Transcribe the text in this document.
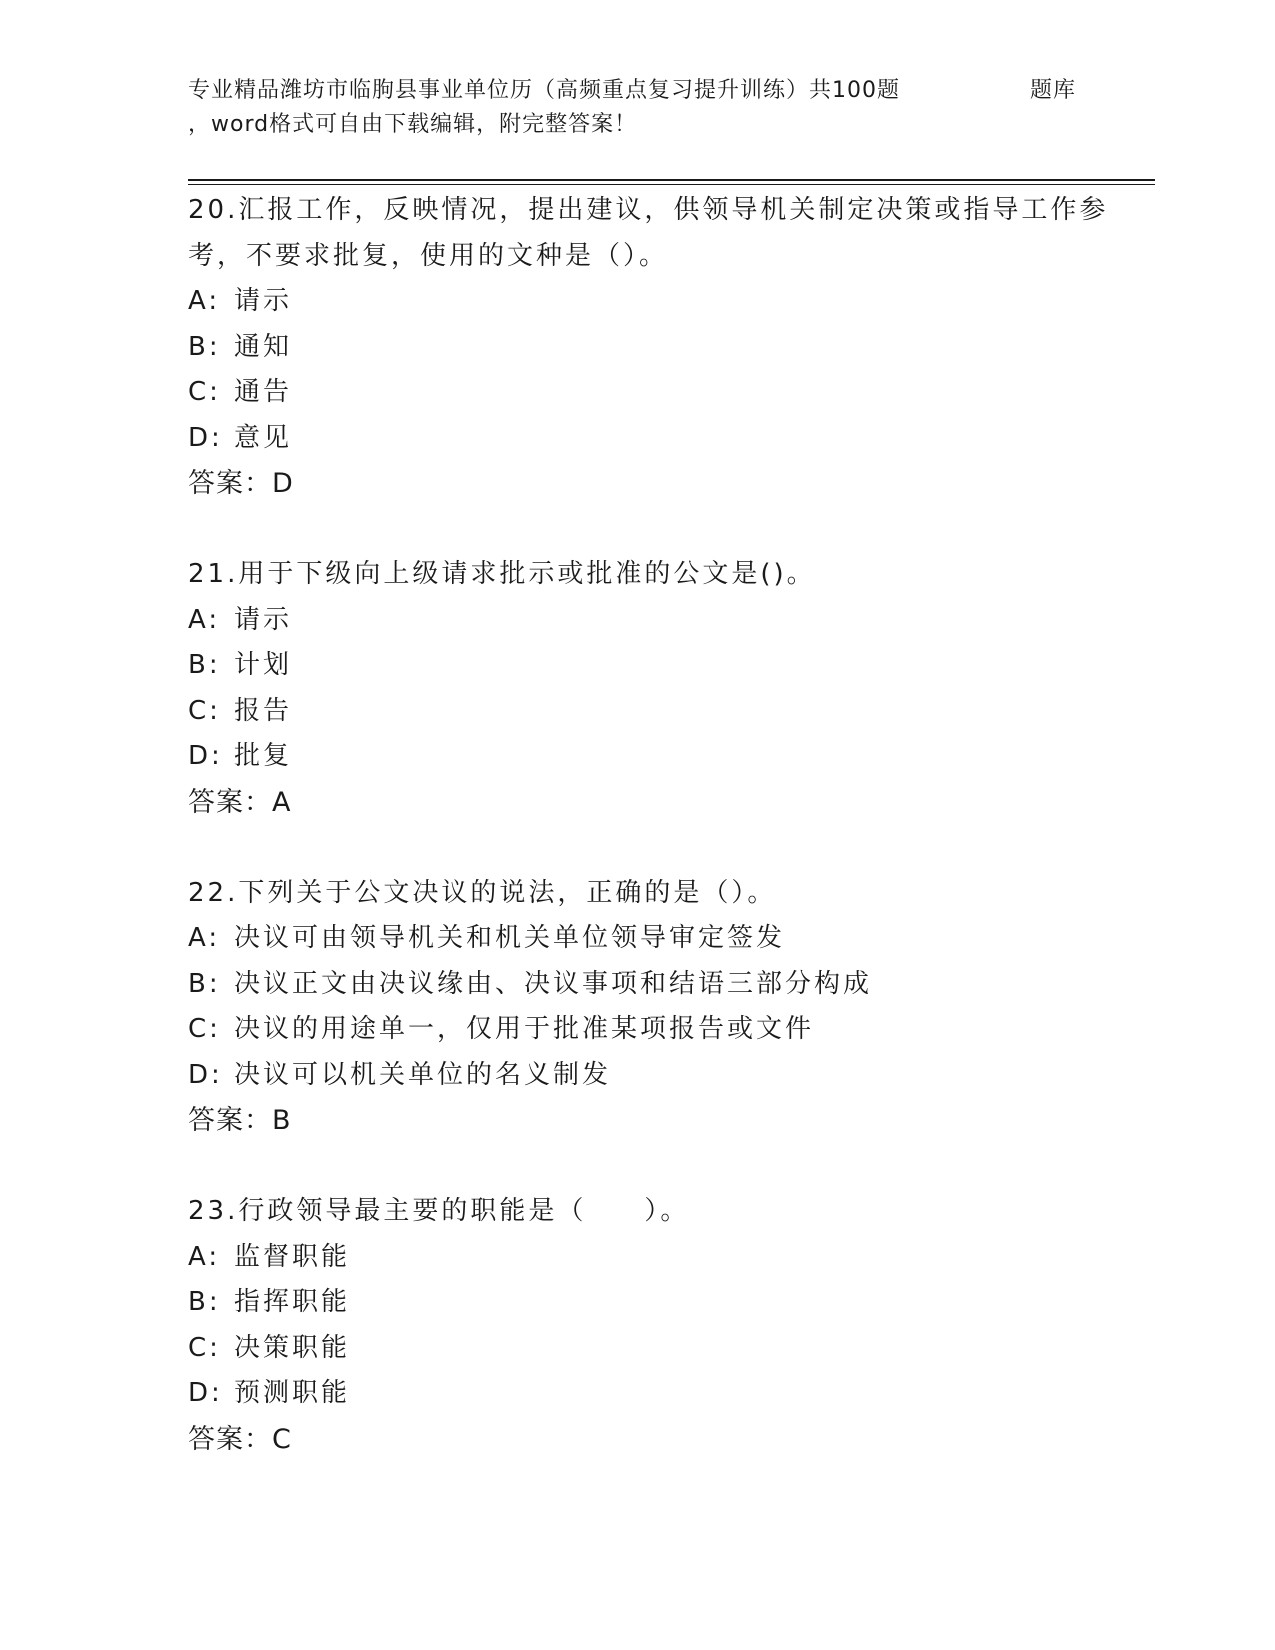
专业精品潍坊市临朐县事业单位历（高频重点复习提升训练）共100题	题库
，word格式可自由下载编辑，附完整答案！
20.汇报工作，反映情况，提出建议，供领导机关制定决策或指导工作参考，不要求批复，使用的文种是（）。
A: 请示
B: 通知
C: 通告
D: 意见
答案：D
21.用于下级向上级请求批示或批准的公文是()。
A: 请示
B: 计划
C: 报告
D: 批复
答案：A
22.下列关于公文决议的说法，正确的是（）。
A: 决议可由领导机关和机关单位领导审定签发
B: 决议正文由决议缘由、决议事项和结语三部分构成
C: 决议的用途单一，仅用于批准某项报告或文件
D: 决议可以机关单位的名义制发
答案：B
23.行政领导最主要的职能是（　　）。
A: 监督职能
B: 指挥职能
C: 决策职能
D: 预测职能
答案：C
